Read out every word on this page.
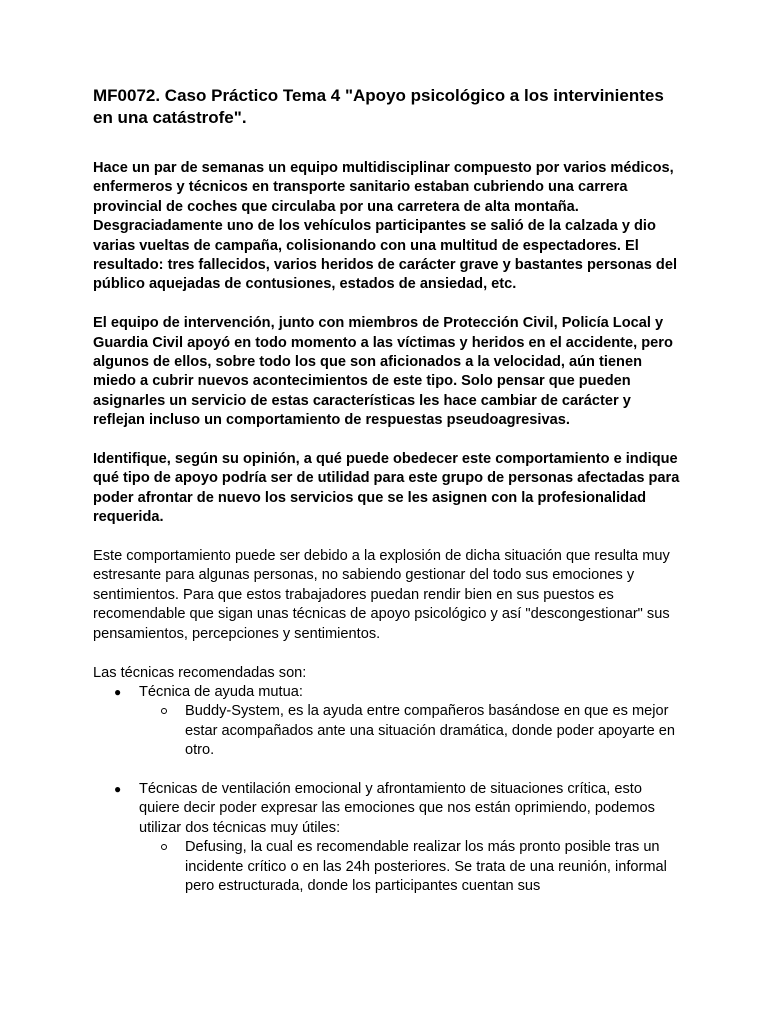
MF0072. Caso Práctico Tema 4 "Apoyo psicológico a los intervinientes en una catástrofe".

Hace un par de semanas un equipo multidisciplinar compuesto por varios médicos, enfermeros y técnicos en transporte sanitario estaban cubriendo una carrera provincial de coches que circulaba por una carretera de alta montaña. Desgraciadamente uno de los vehículos participantes se salió de la calzada y dio varias vueltas de campaña, colisionando con una multitud de espectadores. El resultado: tres fallecidos, varios heridos de carácter grave y bastantes personas del público aquejadas de contusiones, estados de ansiedad, etc.

El equipo de intervención, junto con miembros de Protección Civil, Policía Local y Guardia Civil apoyó en todo momento a las víctimas y heridos en el accidente, pero algunos de ellos, sobre todo los que son aficionados a la velocidad, aún tienen miedo a cubrir nuevos acontecimientos de este tipo. Solo pensar que pueden asignarles un servicio de estas características les hace cambiar de carácter y reflejan incluso un comportamiento de respuestas pseudoagresivas.

Identifique, según su opinión, a qué puede obedecer este comportamiento e indique qué tipo de apoyo podría ser de utilidad para este grupo de personas afectadas para poder afrontar de nuevo los servicios que se les asignen con la profesionalidad requerida.

Este comportamiento puede ser debido a la explosión de dicha situación que resulta muy estresante para algunas personas, no sabiendo gestionar del todo sus emociones y sentimientos. Para que estos trabajadores puedan rendir bien en sus puestos es recomendable que sigan unas técnicas de apoyo psicológico y así "descongestionar" sus pensamientos, percepciones y sentimientos.

Las técnicas recomendadas son:

● Técnica de ayuda mutua:
Buddy-System, es la ayuda entre compañeros basándose en que es mejor estar acompañados ante una situación dramática, donde poder apoyarte en otro.
● Técnicas de ventilación emocional y afrontamiento de situaciones crítica, esto quiere decir poder expresar las emociones que nos están oprimiendo, podemos utilizar dos técnicas muy útiles:
Defusing, la cual es recomendable realizar los más pronto posible tras un incidente crítico o en las 24h posteriores. Se trata de una reunión, informal pero estructurada, donde los participantes cuentan sus
